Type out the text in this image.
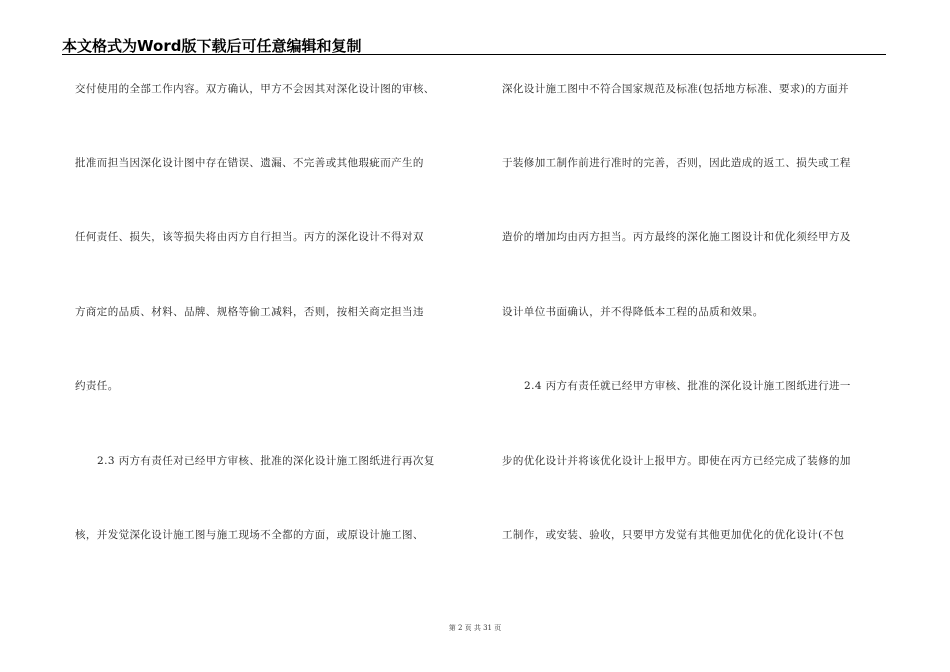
本文格式为Word版下载后可任意编辑和复制
交付使用的全部工作内容。双方确认，甲方不会因其对深化设计图的审核、
批准而担当因深化设计图中存在错误、遗漏、不完善或其他瑕疵而产生的
任何责任、损失，该等损失将由丙方自行担当。丙方的深化设计不得对双
方商定的品质、材料、品牌、规格等偷工减料，否则，按相关商定担当违
约责任。
2.3 丙方有责任对已经甲方审核、批准的深化设计施工图纸进行再次复
核，并发觉深化设计施工图与施工现场不全都的方面，或原设计施工图、
深化设计施工图中不符合国家规范及标准(包括地方标准、要求)的方面并
于装修加工制作前进行准时的完善，否则，因此造成的返工、损失或工程
造价的增加均由丙方担当。丙方最终的深化施工图设计和优化须经甲方及
设计单位书面确认，并不得降低本工程的品质和效果。
2.4 丙方有责任就已经甲方审核、批准的深化设计施工图纸进行进一
步的优化设计并将该优化设计上报甲方。即使在丙方已经完成了装修的加
工制作，或安装、验收，只要甲方发觉有其他更加优化的优化设计(不包
第 2 页 共 31 页
